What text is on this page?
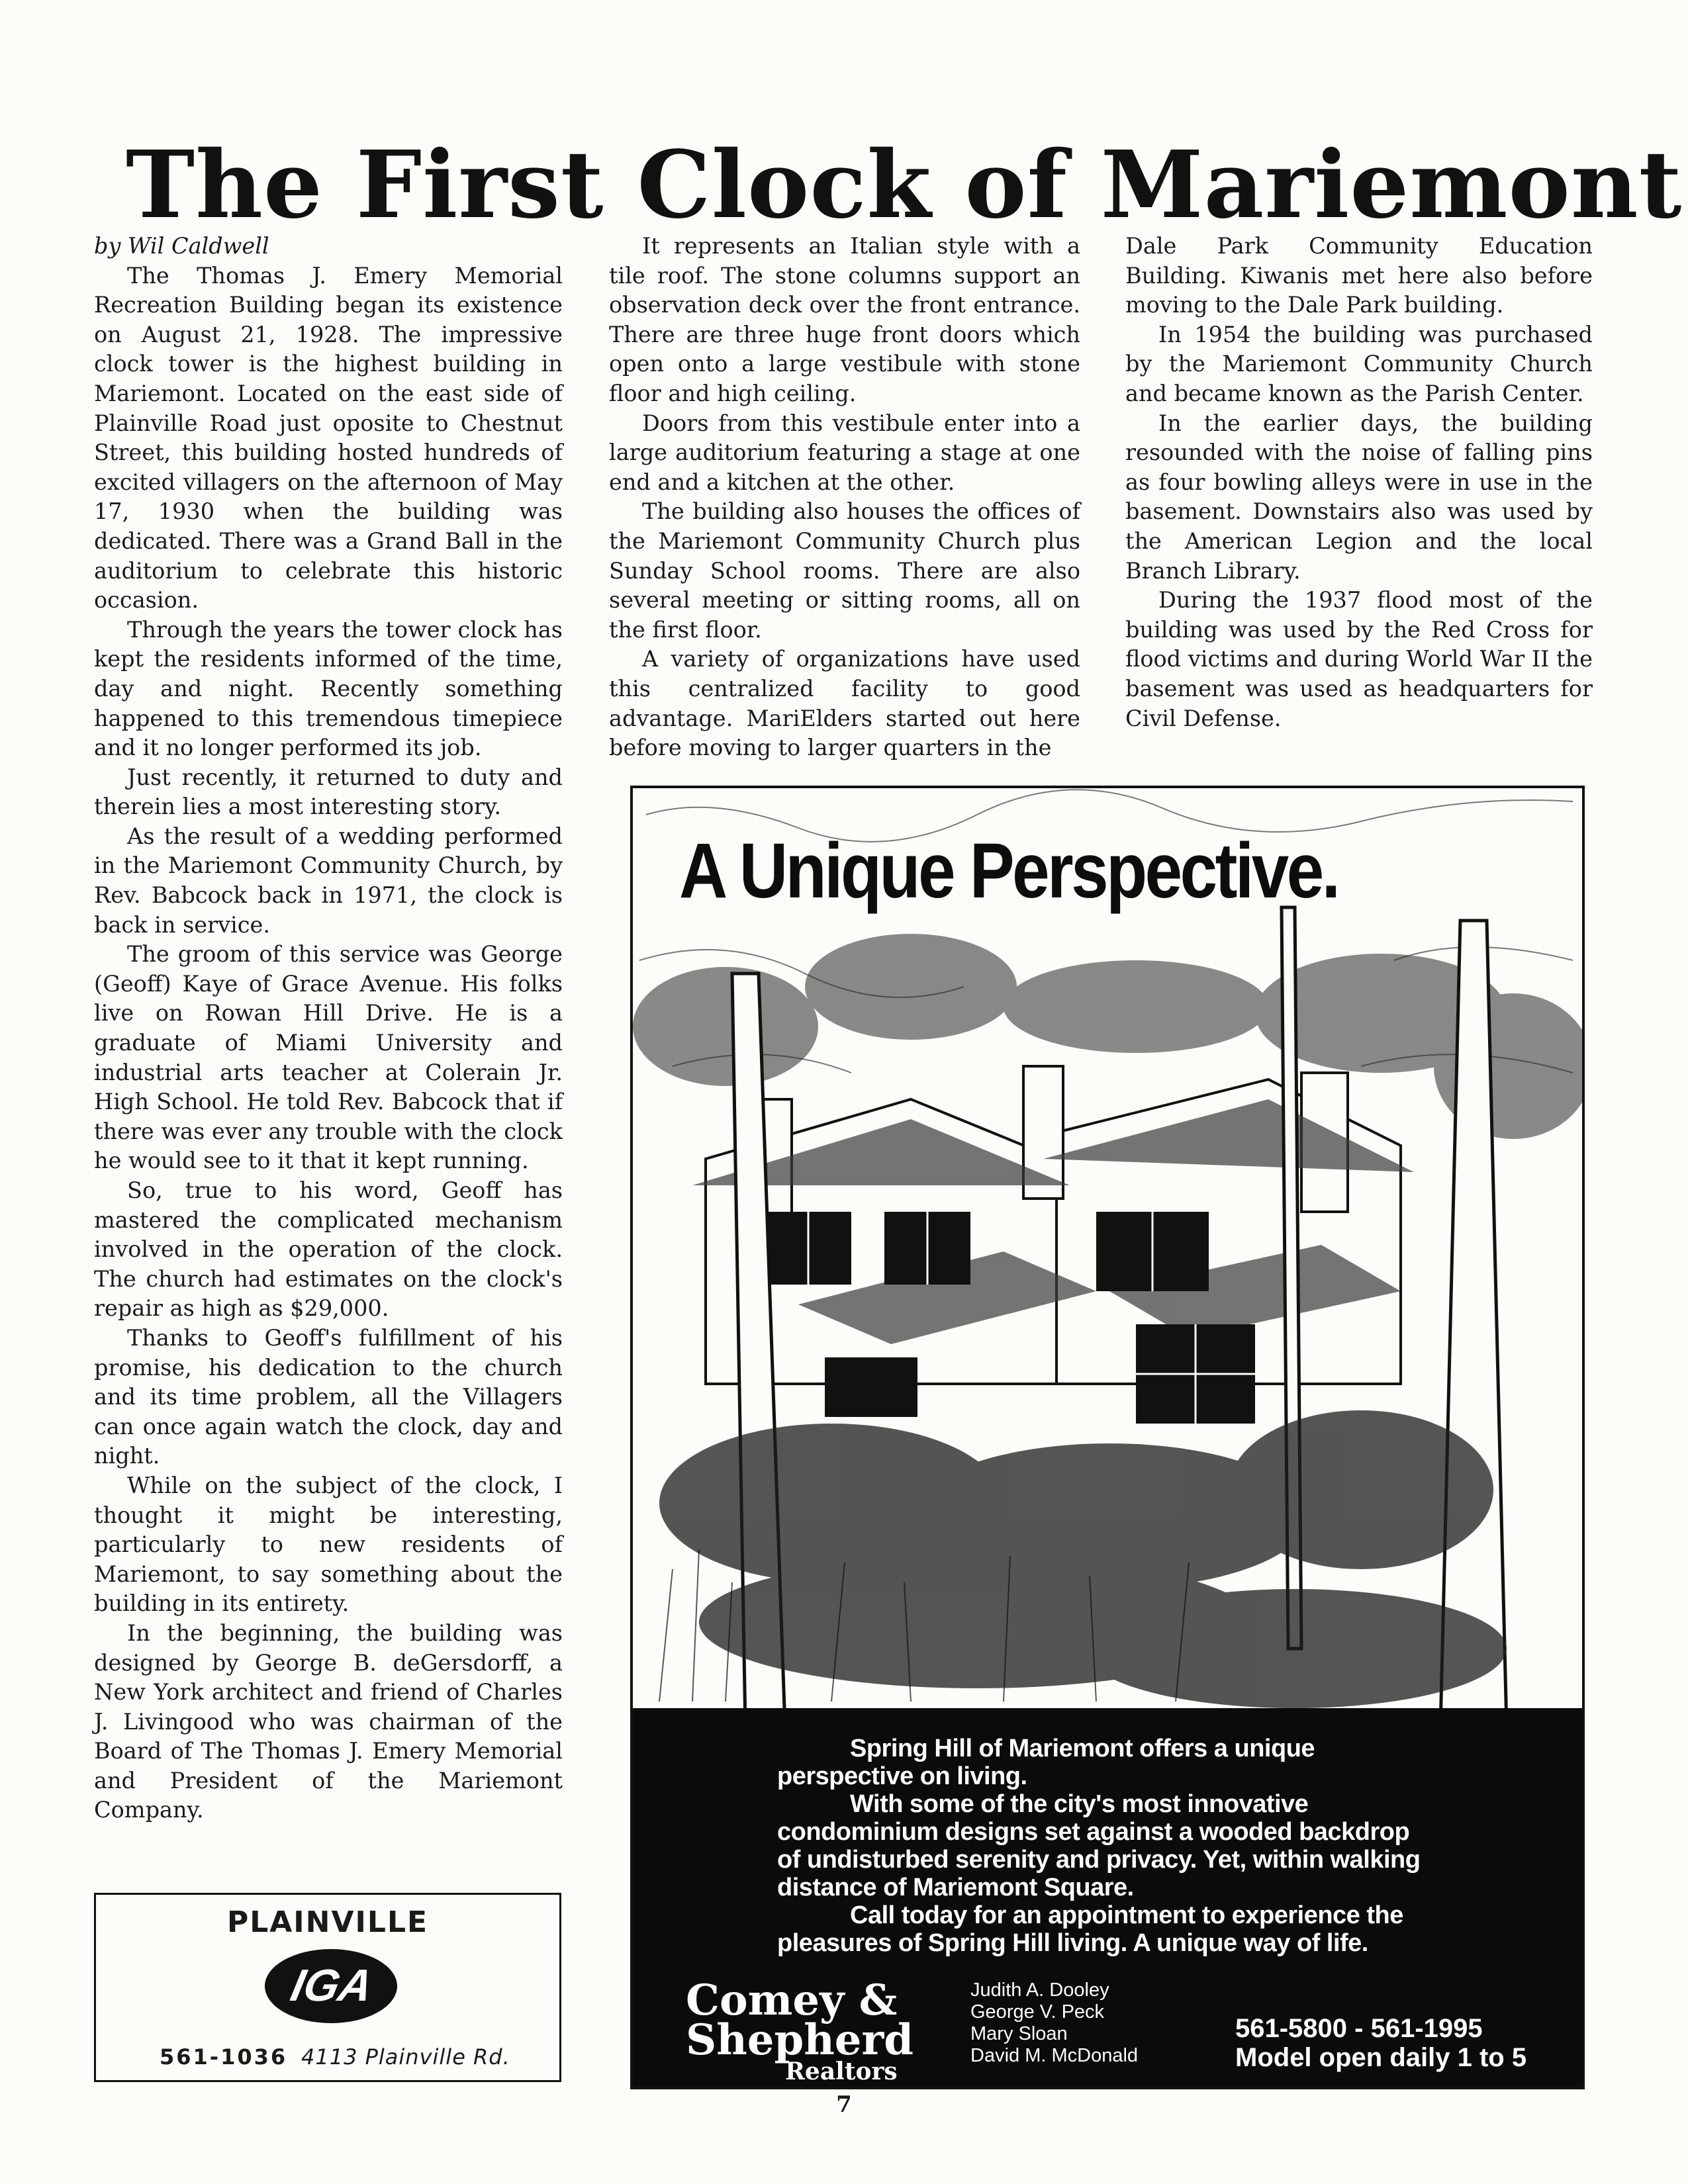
The First Clock of Mariemont

by Wil Caldwell

The Thomas J. Emery Memorial Recreation Building began its existence on August 21, 1928. The impressive clock tower is the highest building in Mariemont. Located on the east side of Plainville Road just oposite to Chestnut Street, this building hosted hundreds of excited villagers on the afternoon of May 17, 1930 when the building was dedicated. There was a Grand Ball in the auditorium to celebrate this historic occasion.

Through the years the tower clock has kept the residents informed of the time, day and night. Recently something happened to this tremendous timepiece and it no longer performed its job.

Just recently, it returned to duty and therein lies a most interesting story.

As the result of a wedding performed in the Mariemont Community Church, by Rev. Babcock back in 1971, the clock is back in service.

The groom of this service was George (Geoff) Kaye of Grace Avenue. His folks live on Rowan Hill Drive. He is a graduate of Miami University and industrial arts teacher at Colerain Jr. High School. He told Rev. Babcock that if there was ever any trouble with the clock he would see to it that it kept running.

So, true to his word, Geoff has mastered the complicated mechanism involved in the operation of the clock. The church had estimates on the clock's repair as high as $29,000.

Thanks to Geoff's fulfillment of his promise, his dedication to the church and its time problem, all the Villagers can once again watch the clock, day and night.

While on the subject of the clock, I thought it might be interesting, particularly to new residents of Mariemont, to say something about the building in its entirety.

In the beginning, the building was designed by George B. deGersdorff, a New York architect and friend of Charles J. Livingood who was chairman of the Board of The Thomas J. Emery Memorial and President of the Mariemont Company.

It represents an Italian style with a tile roof. The stone columns support an observation deck over the front entrance. There are three huge front doors which open onto a large vestibule with stone floor and high ceiling.

Doors from this vestibule enter into a large auditorium featuring a stage at one end and a kitchen at the other.

The building also houses the offices of the Mariemont Community Church plus Sunday School rooms. There are also several meeting or sitting rooms, all on the first floor.

A variety of organizations have used this centralized facility to good advantage. MariElders started out here before moving to larger quarters in the

Dale Park Community Education Building. Kiwanis met here also before moving to the Dale Park building.

In 1954 the building was purchased by the Mariemont Community Church and became known as the Parish Center.

In the earlier days, the building resounded with the noise of falling pins as four bowling alleys were in use in the basement. Downstairs also was used by the American Legion and the local Branch Library.

During the 1937 flood most of the building was used by the Red Cross for flood victims and during World War II the basement was used as headquarters for Civil Defense.

PLAINVILLE
IGA
561-1036 4113 Plainville Rd.
A Unique Perspective.

Spring Hill of Mariemont offers a unique perspective on living.

With some of the city's most innovative condominium designs set against a wooded backdrop of undisturbed serenity and privacy. Yet, within walking distance of Mariemont Square.

Call today for an appointment to experience the pleasures of Spring Hill living. A unique way of life.

Comey &
Shepherd
Realtors
Judith A. Dooley
George V. Peck
Mary Sloan
David M. McDonald
561-5800 - 561-1995
Model open daily 1 to 5
7
